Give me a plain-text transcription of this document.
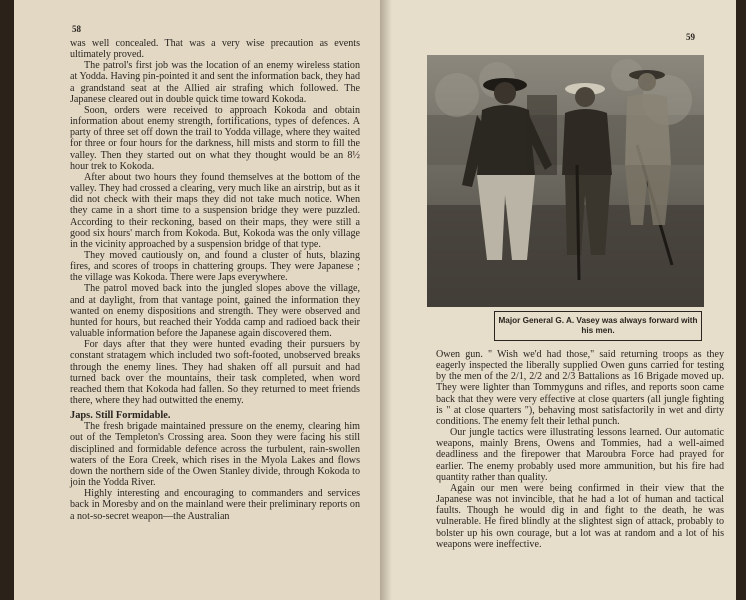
58

was well concealed. That was a very wise precaution as events ultimately proved.

The patrol's first job was the location of an enemy wireless station at Yodda. Having pin-pointed it and sent the information back, they had a grandstand seat at the Allied air strafing which followed. The Japanese cleared out in double quick time toward Kokoda.

Soon, orders were received to approach Kokoda and obtain information about enemy strength, fortifications, types of defences. A party of three set off down the trail to Yodda village, where they waited for three or four hours for the darkness, hill mists and storm to fill the valley. Then they started out on what they thought would be an 8½ hour trek to Kokoda.

After about two hours they found themselves at the bottom of the valley. They had crossed a clearing, very much like an airstrip, but as it did not check with their maps they did not take much notice. When they came in a short time to a suspension bridge they were puzzled. According to their reckoning, based on their maps, they were still a good six hours' march from Kokoda. But, Kokoda was the only village in the vicinity approached by a suspension bridge of that type.

They moved cautiously on, and found a cluster of huts, blazing fires, and scores of troops in chattering groups. They were Japanese ; the village was Kokoda. There were Japs everywhere.

The patrol moved back into the jungled slopes above the village, and at daylight, from that vantage point, gained the information they wanted on enemy dispositions and strength. They were observed and hunted for hours, but reached their Yodda camp and radioed back their valuable information before the Japanese again discovered them.

For days after that they were hunted evading their pursuers by constant stratagem which included two soft-footed, unobserved breaks through the enemy lines. They had shaken off all pursuit and had turned back over the mountains, their task completed, when word reached them that Kokoda had fallen. So they returned to meet friends there, where they had outwitted the enemy.

Japs. Still Formidable.

The fresh brigade maintained pressure on the enemy, clearing him out of the Templeton's Crossing area. Soon they were facing his still disciplined and formidable defence across the turbulent, rain-swollen waters of the Eora Creek, which rises in the Myola Lakes and flows down the northern side of the Owen Stanley divide, through Kokoda to join the Yodda River.

Highly interesting and encouraging to commanders and services back in Moresby and on the mainland were their preliminary reports on a not-so-secret weapon—the Australian

59
Major General G. A. Vasey was always forward with his men.

Owen gun. " Wish we'd had those," said returning troops as they eagerly inspected the liberally supplied Owen guns carried for testing by the men of the 2/1, 2/2 and 2/3 Battalions as 16 Brigade moved up. They were lighter than Tommyguns and rifles, and reports soon came back that they were very effective at close quarters (all jungle fighting is " at close quarters "), behaving most satisfactorily in wet and dirty conditions. The enemy felt their lethal punch.

Our jungle tactics were illustrating lessons learned. Our automatic weapons, mainly Brens, Owens and Tommies, had a well-aimed deadliness and the firepower that Maroubra Force had prayed for earlier. The enemy probably used more ammunition, but his fire had quantity rather than quality.

Again our men were being confirmed in their view that the Japanese was not invincible, that he had a lot of human and tactical faults. Though he would dig in and fight to the death, he was vulnerable. He fired blindly at the slightest sign of attack, probably to bolster up his own courage, but a lot was at random and a lot of his weapons were ineffective.
